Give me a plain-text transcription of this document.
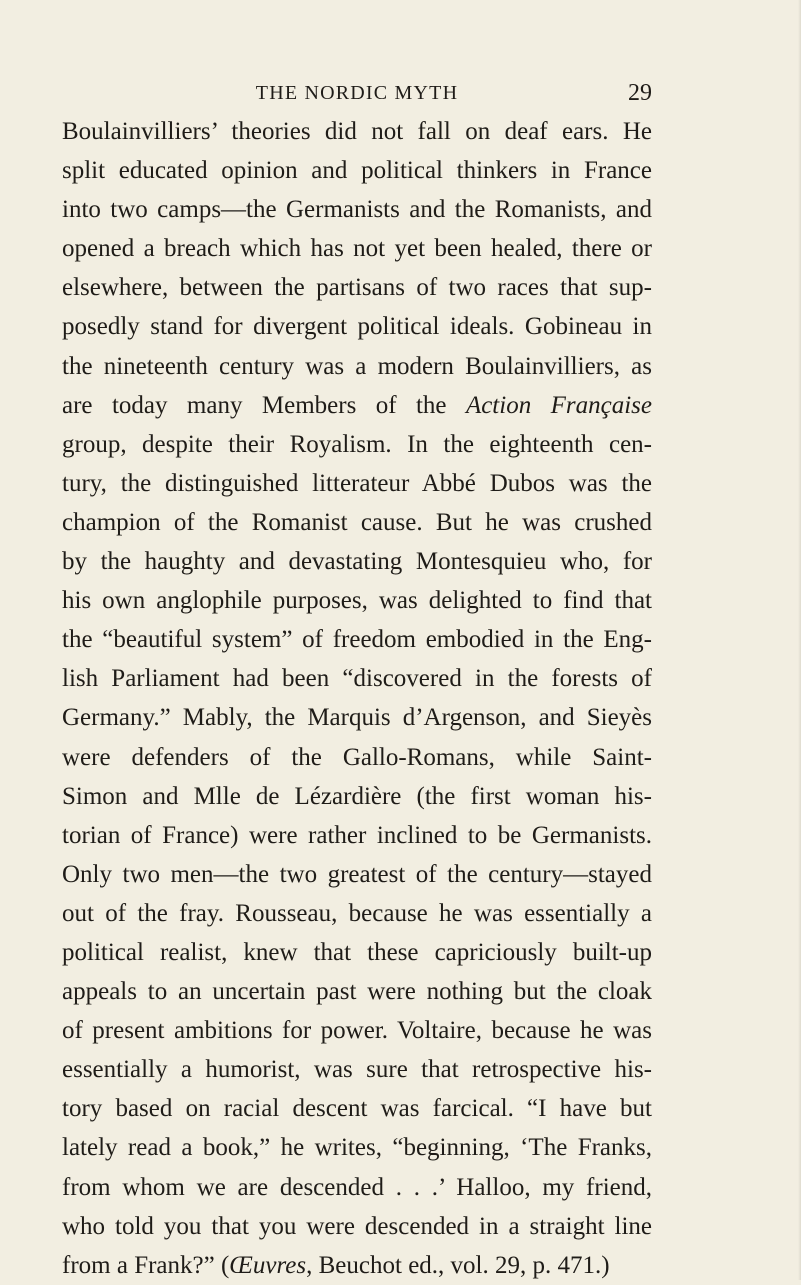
THE NORDIC MYTH	29
Boulainvilliers’ theories did not fall on deaf ears. He
split educated opinion and political thinkers in France
into two camps—the Germanists and the Romanists, and
opened a breach which has not yet been healed, there or
elsewhere, between the partisans of two races that sup-
posedly stand for divergent political ideals. Gobineau in
the nineteenth century was a modern Boulainvilliers, as
are today many Members of the Action Française
group, despite their Royalism. In the eighteenth cen-
tury, the distinguished litterateur Abbé Dubos was the
champion of the Romanist cause. But he was crushed
by the haughty and devastating Montesquieu who, for
his own anglophile purposes, was delighted to find that
the “beautiful system” of freedom embodied in the Eng-
lish Parliament had been “discovered in the forests of
Germany.” Mably, the Marquis d’Argenson, and Sieyès
were defenders of the Gallo-Romans, while Saint-
Simon and Mlle de Lézardière (the first woman his-
torian of France) were rather inclined to be Germanists.
Only two men—the two greatest of the century—stayed
out of the fray. Rousseau, because he was essentially a
political realist, knew that these capriciously built-up
appeals to an uncertain past were nothing but the cloak
of present ambitions for power. Voltaire, because he was
essentially a humorist, was sure that retrospective his-
tory based on racial descent was farcical. “I have but
lately read a book,” he writes, “beginning, ‘The Franks,
from whom we are descended . . .’ Halloo, my friend,
who told you that you were descended in a straight line
from a Frank?” (Œuvres, Beuchot ed., vol. 29, p. 471.)
